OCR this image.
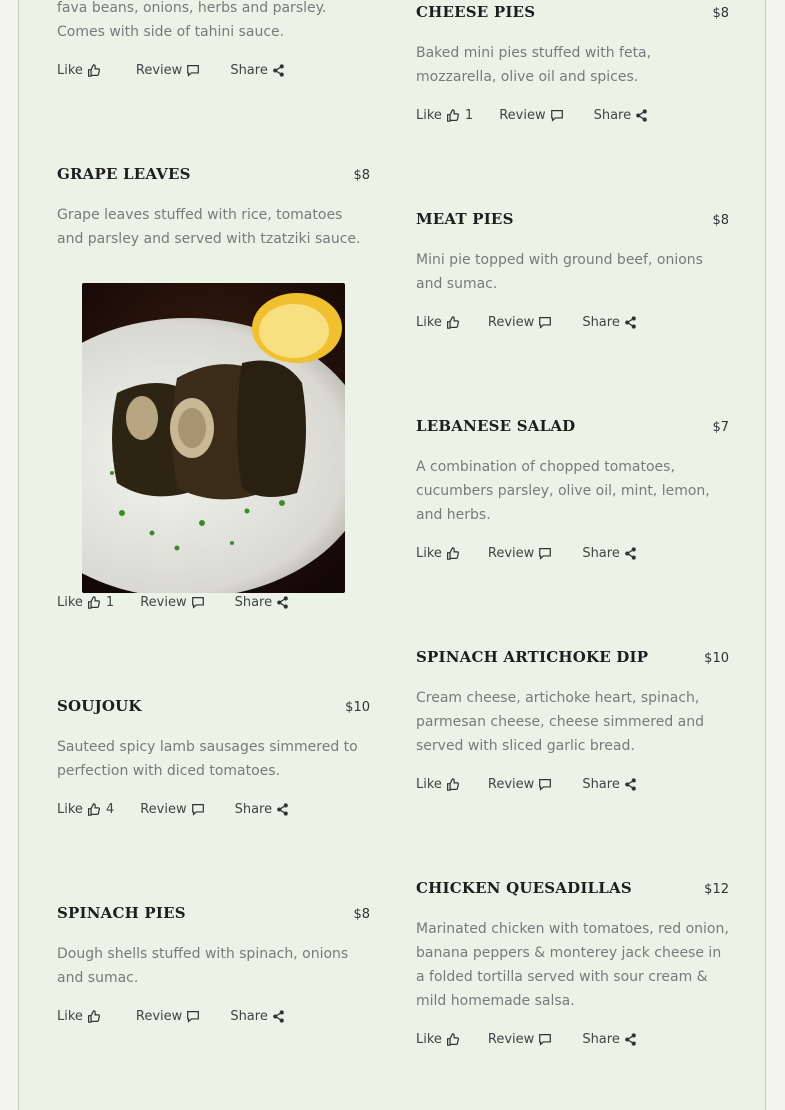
fava beans, onions, herbs and parsley. Comes with side of tahini sauce.
Like	Review	Share
GRAPE LEAVES	$8
Grape leaves stuffed with rice, tomatoes and parsley and served with tzatziki sauce.
Like 1 Review	Share
SOUJOUK	$10
Sauteed spicy lamb sausages simmered to perfection with diced tomatoes.
Like 4 Review	Share
SPINACH PIES	$8
Dough shells stuffed with spinach, onions and sumac.
Like	Review	Share
CHEESE PIES	$8
Baked mini pies stuffed with feta, mozzarella, olive oil and spices.
Like 1 Review	Share
MEAT PIES	$8
Mini pie topped with ground beef, onions and sumac.
Like	Review	Share
LEBANESE SALAD	$7
A combination of chopped tomatoes, cucumbers parsley, olive oil, mint, lemon, and herbs.
Like	Review	Share
SPINACH ARTICHOKE DIP	$10
Cream cheese, artichoke heart, spinach, parmesan cheese, cheese simmered and served with sliced garlic bread.
Like	Review	Share
CHICKEN QUESADILLAS	$12
Marinated chicken with tomatoes, red onion, banana peppers & monterey jack cheese in a folded tortilla served with sour cream & mild homemade salsa.
Like	Review	Share
